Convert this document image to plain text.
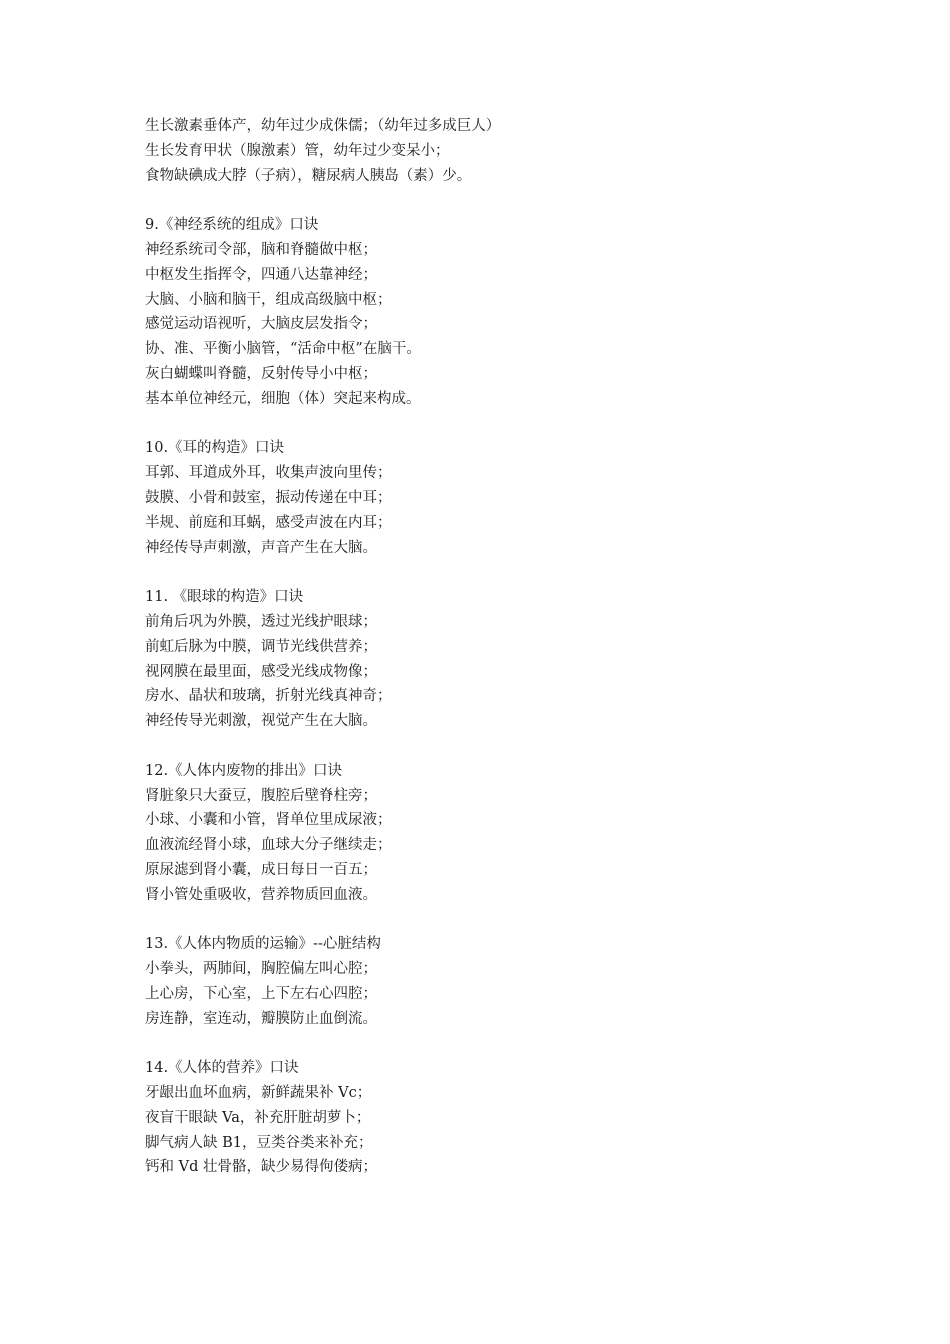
生长激素垂体产，幼年过少成侏儒；（幼年过多成巨人）
生长发育甲状（腺激素）管，幼年过少变呆小；
食物缺碘成大脖（子病），糖尿病人胰岛（素）少。
9.《神经系统的组成》口诀
神经系统司令部，脑和脊髓做中枢；
中枢发生指挥令，四通八达靠神经；
大脑、小脑和脑干，组成高级脑中枢；
感觉运动语视听，大脑皮层发指令；
协、准、平衡小脑管，“活命中枢”在脑干。
灰白蝴蝶叫脊髓，反射传导小中枢；
基本单位神经元，细胞（体）突起来构成。
10.《耳的构造》口诀
耳郭、耳道成外耳，收集声波向里传；
鼓膜、小骨和鼓室，振动传递在中耳；
半规、前庭和耳蜗，感受声波在内耳；
神经传导声刺激，声音产生在大脑。
11. 《眼球的构造》口诀
前角后巩为外膜，透过光线护眼球；
前虹后脉为中膜，调节光线供营养；
视网膜在最里面，感受光线成物像；
房水、晶状和玻璃，折射光线真神奇；
神经传导光刺激，视觉产生在大脑。
12.《人体内废物的排出》口诀
肾脏象只大蚕豆，腹腔后壁脊柱旁；
小球、小囊和小管，肾单位里成尿液；
血液流经肾小球，血球大分子继续走；
原尿滤到肾小囊，成日每日一百五；
肾小管处重吸收，营养物质回血液。
13.《人体内物质的运输》--心脏结构
小拳头，两肺间，胸腔偏左叫心腔；
上心房，下心室，上下左右心四腔；
房连静，室连动，瓣膜防止血倒流。
14.《人体的营养》口诀
牙龈出血坏血病，新鲜蔬果补 Vc；
夜盲干眼缺 Va，补充肝脏胡萝卜；
脚气病人缺 B1，豆类谷类来补充；
钙和 Vd 壮骨骼，缺少易得佝偻病；
